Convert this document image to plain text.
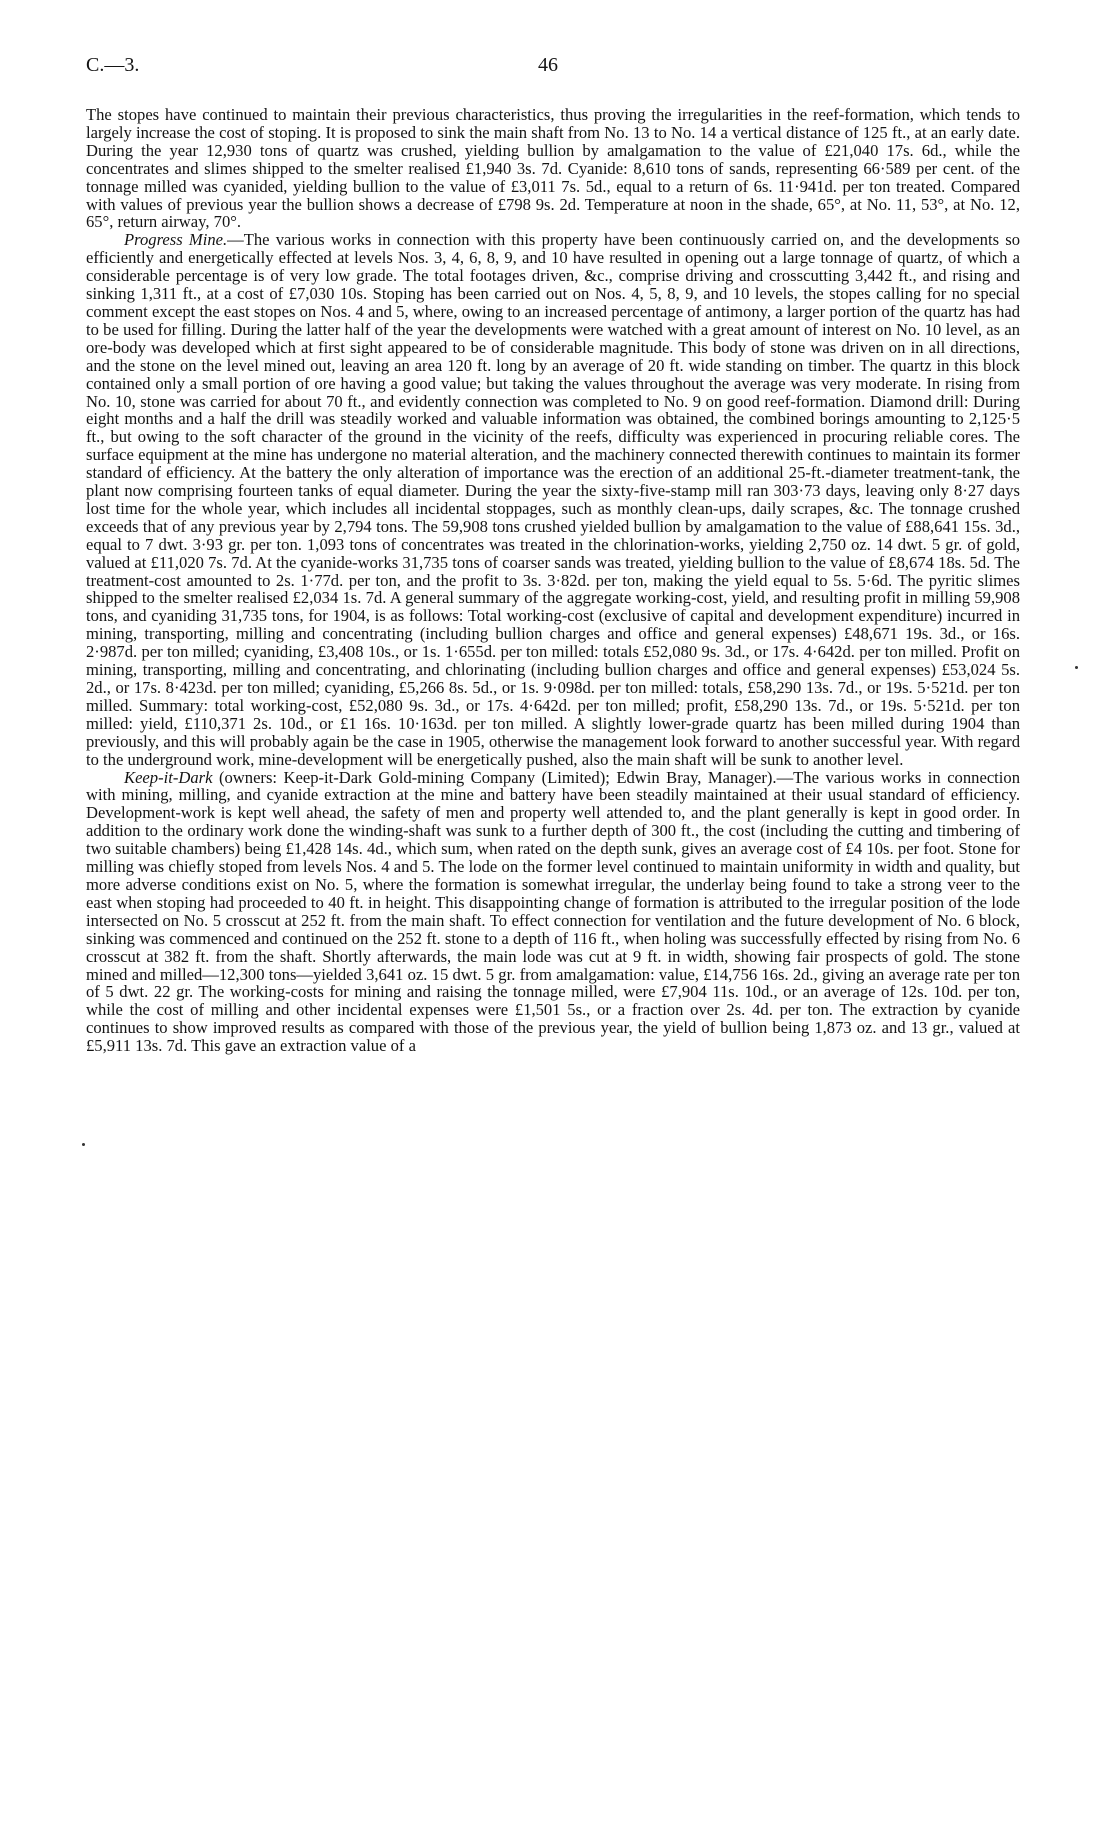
C.—3.	46

The stopes have continued to maintain their previous characteristics, thus proving the irregularities in the reef-formation, which tends to largely increase the cost of stoping. It is proposed to sink the main shaft from No. 13 to No. 14 a vertical distance of 125 ft., at an early date. During the year 12,930 tons of quartz was crushed, yielding bullion by amalgamation to the value of £21,040 17s. 6d., while the concentrates and slimes shipped to the smelter realised £1,940 3s. 7d. Cyanide: 8,610 tons of sands, representing 66·589 per cent. of the tonnage milled was cyanided, yielding bullion to the value of £3,011 7s. 5d., equal to a return of 6s. 11·941d. per ton treated. Compared with values of previous year the bullion shows a decrease of £798 9s. 2d. Temperature at noon in the shade, 65°, at No. 11, 53°, at No. 12, 65°, return airway, 70°.

Progress Mine.—The various works in connection with this property have been continuously carried on, and the developments so efficiently and energetically effected at levels Nos. 3, 4, 6, 8, 9, and 10 have resulted in opening out a large tonnage of quartz, of which a considerable percentage is of very low grade. The total footages driven, &c., comprise driving and crosscutting 3,442 ft., and rising and sinking 1,311 ft., at a cost of £7,030 10s. Stoping has been carried out on Nos. 4, 5, 8, 9, and 10 levels, the stopes calling for no special comment except the east stopes on Nos. 4 and 5, where, owing to an increased percentage of antimony, a larger portion of the quartz has had to be used for filling. During the latter half of the year the developments were watched with a great amount of interest on No. 10 level, as an ore-body was developed which at first sight appeared to be of considerable magnitude. This body of stone was driven on in all directions, and the stone on the level mined out, leaving an area 120 ft. long by an average of 20 ft. wide standing on timber. The quartz in this block contained only a small portion of ore having a good value; but taking the values throughout the average was very moderate. In rising from No. 10, stone was carried for about 70 ft., and evidently connection was completed to No. 9 on good reef-formation. Diamond drill: During eight months and a half the drill was steadily worked and valuable information was obtained, the combined borings amounting to 2,125·5 ft., but owing to the soft character of the ground in the vicinity of the reefs, difficulty was experienced in procuring reliable cores. The surface equipment at the mine has undergone no material alteration, and the machinery connected therewith continues to maintain its former standard of efficiency. At the battery the only alteration of importance was the erection of an additional 25-ft.-diameter treatment-tank, the plant now comprising fourteen tanks of equal diameter. During the year the sixty-five-stamp mill ran 303·73 days, leaving only 8·27 days lost time for the whole year, which includes all incidental stoppages, such as monthly clean-ups, daily scrapes, &c. The tonnage crushed exceeds that of any previous year by 2,794 tons. The 59,908 tons crushed yielded bullion by amalgamation to the value of £88,641 15s. 3d., equal to 7 dwt. 3·93 gr. per ton. 1,093 tons of concentrates was treated in the chlorination-works, yielding 2,750 oz. 14 dwt. 5 gr. of gold, valued at £11,020 7s. 7d. At the cyanide-works 31,735 tons of coarser sands was treated, yielding bullion to the value of £8,674 18s. 5d. The treatment-cost amounted to 2s. 1·77d. per ton, and the profit to 3s. 3·82d. per ton, making the yield equal to 5s. 5·6d. The pyritic slimes shipped to the smelter realised £2,034 1s. 7d. A general summary of the aggregate working-cost, yield, and resulting profit in milling 59,908 tons, and cyaniding 31,735 tons, for 1904, is as follows: Total working-cost (exclusive of capital and development expenditure) incurred in mining, transporting, milling and concentrating (including bullion charges and office and general expenses) £48,671 19s. 3d., or 16s. 2·987d. per ton milled; cyaniding, £3,408 10s., or 1s. 1·655d. per ton milled: totals £52,080 9s. 3d., or 17s. 4·642d. per ton milled. Profit on mining, transporting, milling and concentrating, and chlorinating (including bullion charges and office and general expenses) £53,024 5s. 2d., or 17s. 8·423d. per ton milled; cyaniding, £5,266 8s. 5d., or 1s. 9·098d. per ton milled: totals, £58,290 13s. 7d., or 19s. 5·521d. per ton milled. Summary: total working-cost, £52,080 9s. 3d., or 17s. 4·642d. per ton milled; profit, £58,290 13s. 7d., or 19s. 5·521d. per ton milled: yield, £110,371 2s. 10d., or £1 16s. 10·163d. per ton milled. A slightly lower-grade quartz has been milled during 1904 than previously, and this will probably again be the case in 1905, otherwise the management look forward to another successful year. With regard to the underground work, mine-development will be energetically pushed, also the main shaft will be sunk to another level.

Keep-it-Dark (owners: Keep-it-Dark Gold-mining Company (Limited); Edwin Bray, Manager).—The various works in connection with mining, milling, and cyanide extraction at the mine and battery have been steadily maintained at their usual standard of efficiency. Development-work is kept well ahead, the safety of men and property well attended to, and the plant generally is kept in good order. In addition to the ordinary work done the winding-shaft was sunk to a further depth of 300 ft., the cost (including the cutting and timbering of two suitable chambers) being £1,428 14s. 4d., which sum, when rated on the depth sunk, gives an average cost of £4 10s. per foot. Stone for milling was chiefly stoped from levels Nos. 4 and 5. The lode on the former level continued to maintain uniformity in width and quality, but more adverse conditions exist on No. 5, where the formation is somewhat irregular, the underlay being found to take a strong veer to the east when stoping had proceeded to 40 ft. in height. This disappointing change of formation is attributed to the irregular position of the lode intersected on No. 5 crosscut at 252 ft. from the main shaft. To effect connection for ventilation and the future development of No. 6 block, sinking was commenced and continued on the 252 ft. stone to a depth of 116 ft., when holing was successfully effected by rising from No. 6 crosscut at 382 ft. from the shaft. Shortly afterwards, the main lode was cut at 9 ft. in width, showing fair prospects of gold. The stone mined and milled—12,300 tons—yielded 3,641 oz. 15 dwt. 5 gr. from amalgamation: value, £14,756 16s. 2d., giving an average rate per ton of 5 dwt. 22 gr. The working-costs for mining and raising the tonnage milled, were £7,904 11s. 10d., or an average of 12s. 10d. per ton, while the cost of milling and other incidental expenses were £1,501 5s., or a fraction over 2s. 4d. per ton. The extraction by cyanide continues to show improved results as compared with those of the previous year, the yield of bullion being 1,873 oz. and 13 gr., valued at £5,911 13s. 7d. This gave an extraction value of a
